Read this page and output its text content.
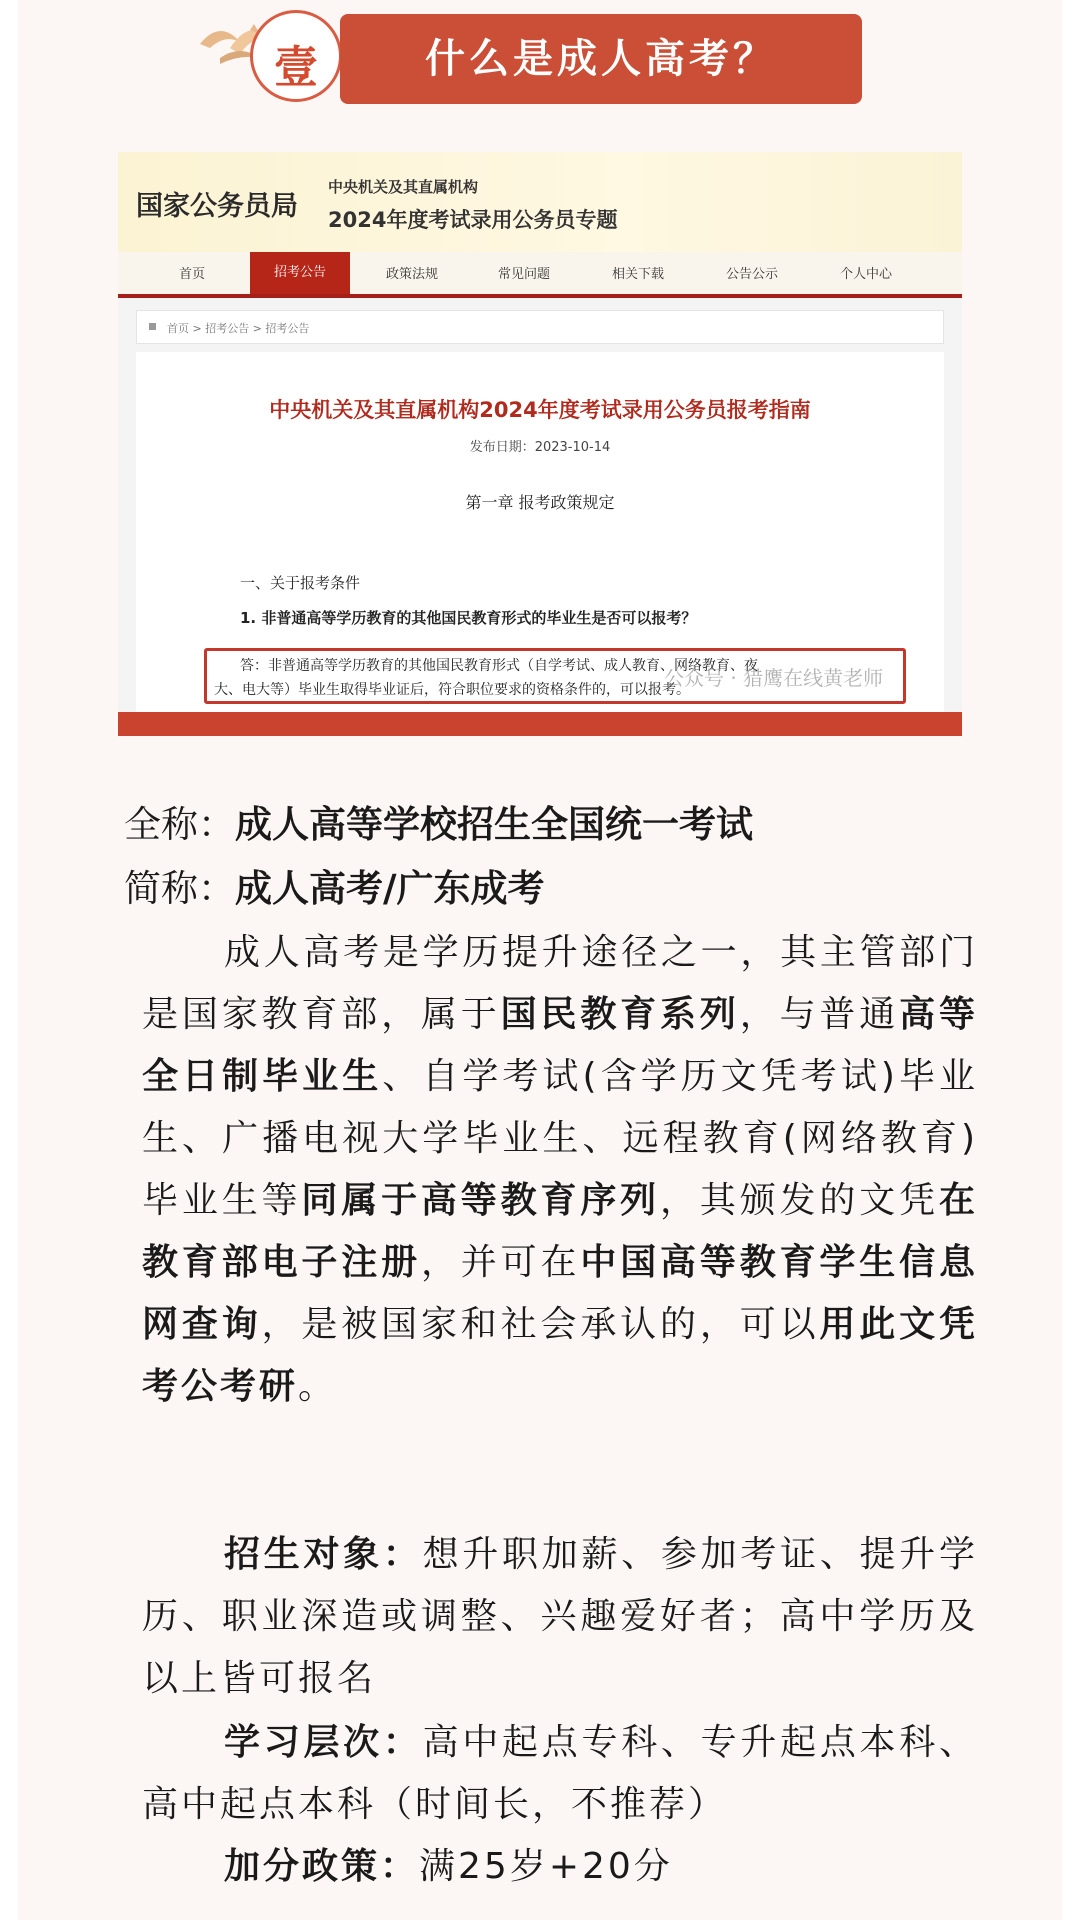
壹	什么是成人高考？
国家公务员局
中央机关及其直属机构
2024年度考试录用公务员专题
首页	招考公告	政策法规	常见问题	相关下载	公告公示	个人中心
首页 > 招考公告 > 招考公告
中央机关及其直属机构2024年度考试录用公务员报考指南
发布日期：2023-10-14
第一章 报考政策规定
一、关于报考条件
1. 非普通高等学历教育的其他国民教育形式的毕业生是否可以报考？
答：非普通高等学历教育的其他国民教育形式（自学考试、成人教育、网络教育、夜
大、电大等）毕业生取得毕业证后，符合职位要求的资格条件的，可以报考。
公众号 · 猎鹰在线黄老师
全称：成人高等学校招生全国统一考试
简称：成人高考/广东成考
成人高考是学历提升途径之一，其主管部门是国家教育部，属于国民教育系列，与普通高等全日制毕业生、自学考试(含学历文凭考试)毕业生、广播电视大学毕业生、远程教育(网络教育)毕业生等同属于高等教育序列，其颁发的文凭在教育部电子注册，并可在中国高等教育学生信息网查询，是被国家和社会承认的，可以用此文凭考公考研。
招生对象：想升职加薪、参加考证、提升学历、职业深造或调整、兴趣爱好者；高中学历及以上皆可报名
学习层次：高中起点专科、专升起点本科、高中起点本科（时间长，不推荐）
加分政策：满25岁+20分
